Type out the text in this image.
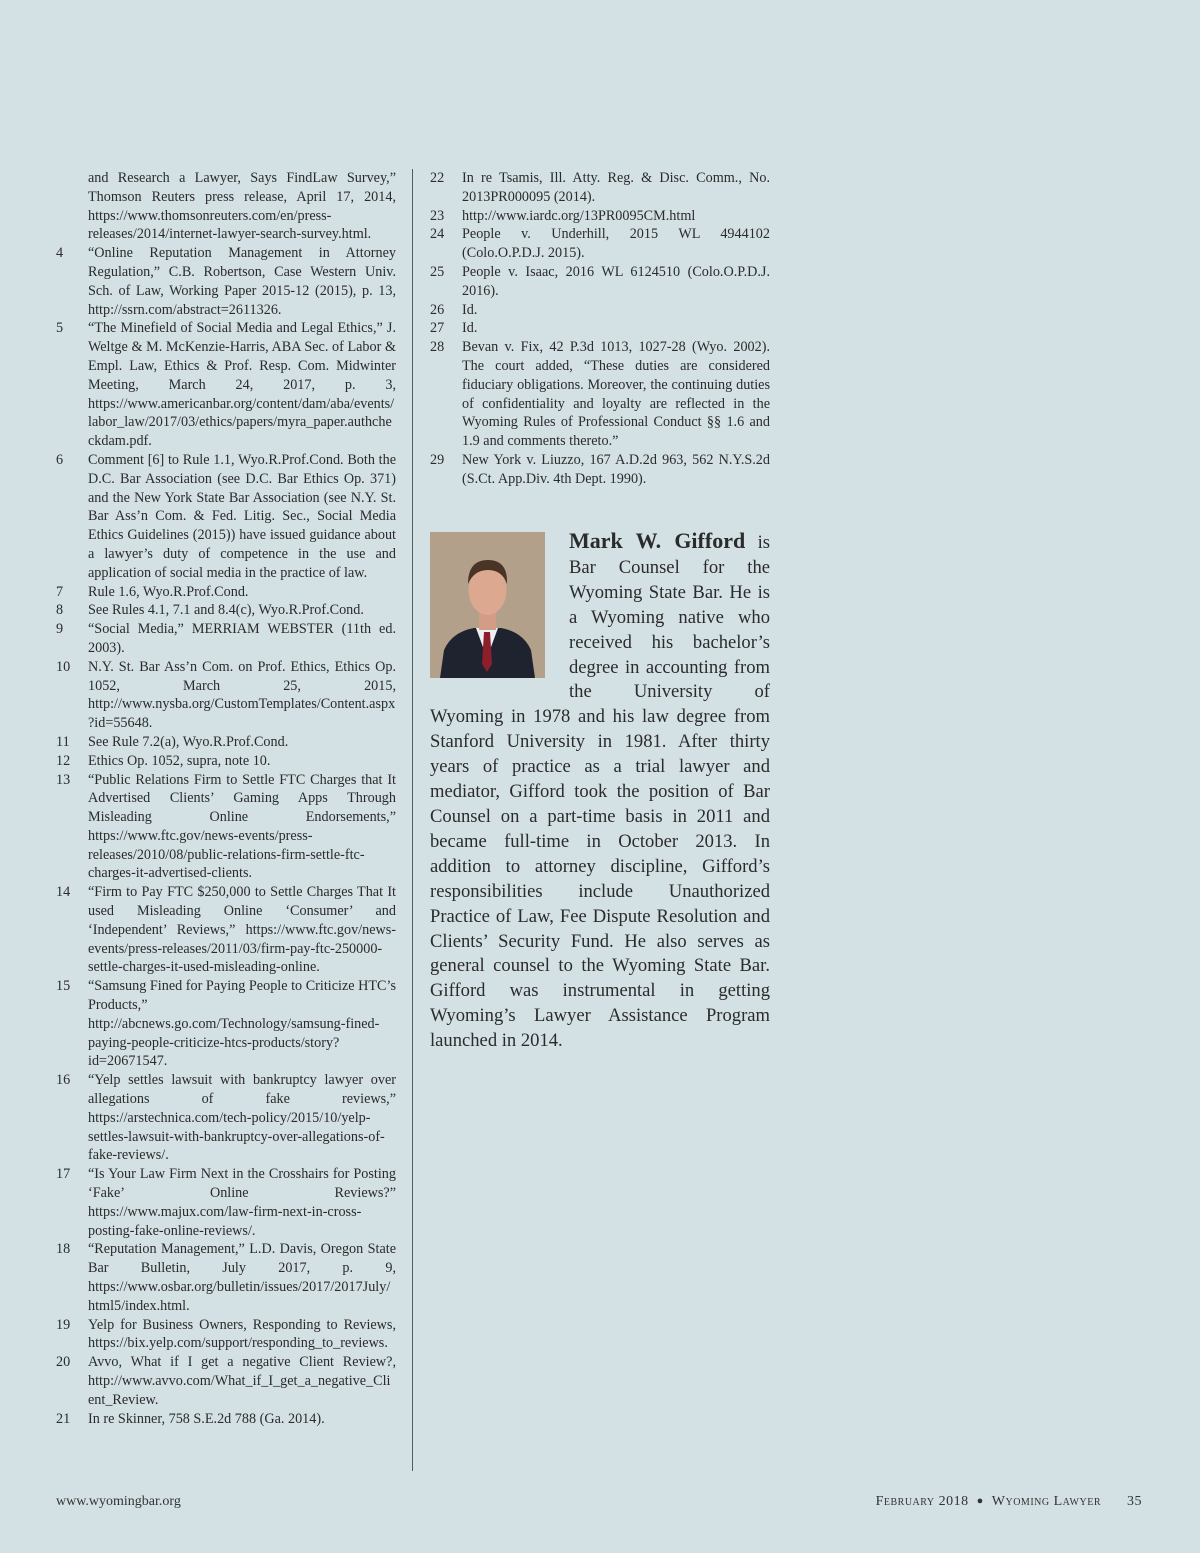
and Research a Lawyer, Says FindLaw Survey,” Thomson Reuters press release, April 17, 2014, https://www.thomsonreuters.com/en/press-releases/2014/internet-lawyer-search-survey.html.
4	“Online Reputation Management in Attorney Regulation,” C.B. Robertson, Case Western Univ. Sch. of Law, Working Paper 2015-12 (2015), p. 13, http://ssrn.com/abstract=2611326.
5	“The Minefield of Social Media and Legal Ethics,” J. Weltge & M. McKenzie-Harris, ABA Sec. of Labor & Empl. Law, Ethics & Prof. Resp. Com. Midwinter Meeting, March 24, 2017, p. 3, https://www.americanbar.org/content/dam/aba/events/labor_law/2017/03/ethics/papers/myra_paper.authcheckdam.pdf.
6	Comment [6] to Rule 1.1, Wyo.R.Prof.Cond. Both the D.C. Bar Association (see D.C. Bar Ethics Op. 371) and the New York State Bar Association (see N.Y. St. Bar Ass’n Com. & Fed. Litig. Sec., Social Media Ethics Guidelines (2015)) have issued guidance about a lawyer’s duty of competence in the use and application of social media in the practice of law.
7	Rule 1.6, Wyo.R.Prof.Cond.
8	See Rules 4.1, 7.1 and 8.4(c), Wyo.R.Prof.Cond.
9	“Social Media,” MERRIAM WEBSTER (11th ed. 2003).
10	N.Y. St. Bar Ass’n Com. on Prof. Ethics, Ethics Op. 1052, March 25, 2015, http://www.nysba.org/CustomTemplates/Content.aspx?id=55648.
11	See Rule 7.2(a), Wyo.R.Prof.Cond.
12	Ethics Op. 1052, supra, note 10.
13	“Public Relations Firm to Settle FTC Charges that It Advertised Clients’ Gaming Apps Through Misleading Online Endorsements,” https://www.ftc.gov/news-events/press-releases/2010/08/public-relations-firm-settle-ftc-charges-it-advertised-clients.
14	“Firm to Pay FTC $250,000 to Settle Charges That It used Misleading Online ‘Consumer’ and ‘Independent’ Reviews,” https://www.ftc.gov/news-events/press-releases/2011/03/firm-pay-ftc-250000-settle-charges-it-used-misleading-online.
15	“Samsung Fined for Paying People to Criticize HTC’s Products,” http://abcnews.go.com/Technology/samsung-fined-paying-people-criticize-htcs-products/story?id=20671547.
16	“Yelp settles lawsuit with bankruptcy lawyer over allegations of fake reviews,” https://arstechnica.com/tech-policy/2015/10/yelp-settles-lawsuit-with-bankruptcy-over-allegations-of-fake-reviews/.
17	“Is Your Law Firm Next in the Crosshairs for Posting ‘Fake’ Online Reviews?” https://www.majux.com/law-firm-next-in-cross-posting-fake-online-reviews/.
18	“Reputation Management,” L.D. Davis, Oregon State Bar Bulletin, July 2017, p. 9, https://www.osbar.org/bulletin/issues/2017/2017July/html5/index.html.
19	Yelp for Business Owners, Responding to Reviews, https://bix.yelp.com/support/responding_to_reviews.
20	Avvo, What if I get a negative Client Review?, http://www.avvo.com/What_if_I_get_a_negative_Client_Review.
21	In re Skinner, 758 S.E.2d 788 (Ga. 2014).
22	In re Tsamis, Ill. Atty. Reg. & Disc. Comm., No. 2013PR000095 (2014).
23	http://www.iardc.org/13PR0095CM.html
24	People v. Underhill, 2015 WL 4944102 (Colo.O.P.D.J. 2015).
25	People v. Isaac, 2016 WL 6124510 (Colo.O.P.D.J. 2016).
26	Id.
27	Id.
28	Bevan v. Fix, 42 P.3d 1013, 1027-28 (Wyo. 2002). The court added, “These duties are considered fiduciary obligations. Moreover, the continuing duties of confidentiality and loyalty are reflected in the Wyoming Rules of Professional Conduct §§ 1.6 and 1.9 and comments thereto.”
29	New York v. Liuzzo, 167 A.D.2d 963, 562 N.Y.S.2d (S.Ct. App.Div. 4th Dept. 1990).
Mark W. Gifford is Bar Counsel for the Wyoming State Bar. He is a Wyoming native who received his bachelor’s degree in accounting from the University of Wyoming in 1978 and his law degree from Stanford University in 1981. After thirty years of practice as a trial lawyer and mediator, Gifford took the position of Bar Counsel on a part-time basis in 2011 and became full-time in October 2013. In addition to attorney discipline, Gifford’s responsibilities include Unauthorized Practice of Law, Fee Dispute Resolution and Clients’ Security Fund. He also serves as general counsel to the Wyoming State Bar. Gifford was instrumental in getting Wyoming’s Lawyer Assistance Program launched in 2014.
www.wyomingbar.org	February 2018 ● Wyoming Lawyer 35
